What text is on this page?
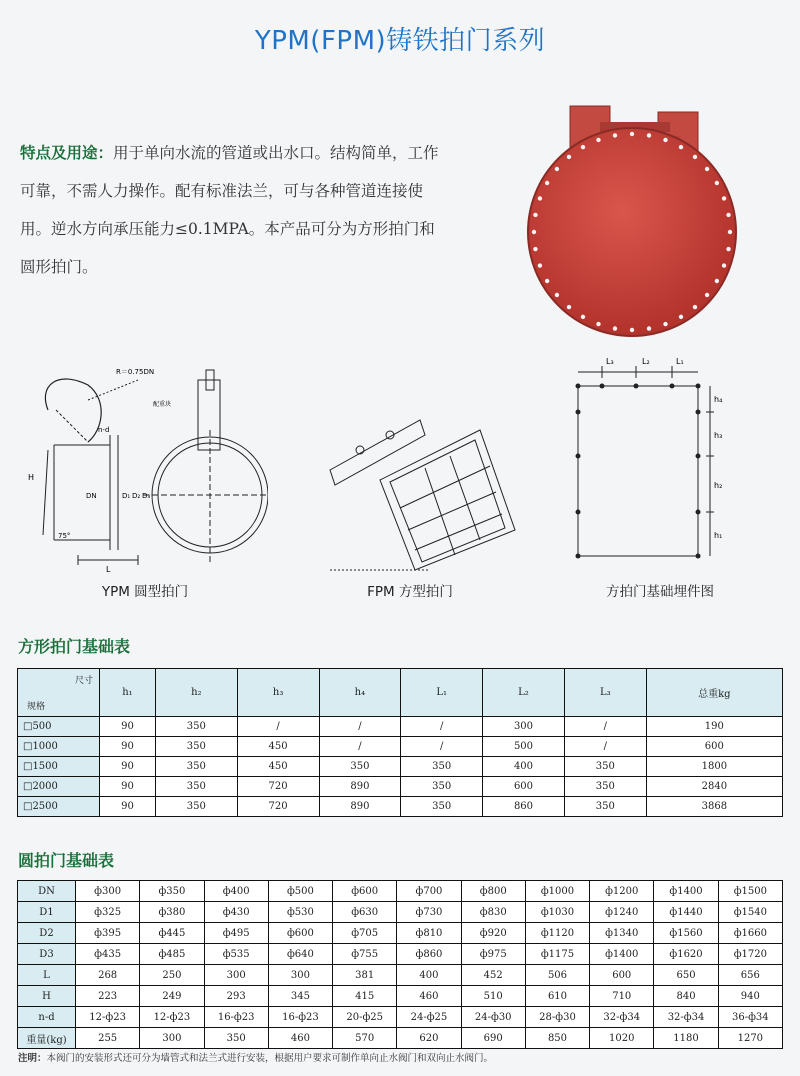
YPM(FPM)铸铁拍门系列
特点及用途：用于单向水流的管道或出水口。结构简单，工作可靠，不需人力操作。配有标准法兰，可与各种管道连接使用。逆水方向承压能力≤0.1MPA。本产品可分为方形拍门和圆形拍门。
R＝0.75DN
配重块
n-d
H
DN	D₁ D₂ D₃
L
75°
YPM 圆型拍门	FPM 方型拍门
L₃	L₂	L₁
h₄
h₃
h₂
h₁
方拍门基础埋件图
方形拍门基础表
尺寸
规格	h₁	h₂	h₃	h₄	L₁	L₂	L₃	总重kg
□500	90	350	/	/	/	300	/	190
□1000	90	350	450	/	/	500	/	600
□1500	90	350	450	350	350	400	350	1800
□2000	90	350	720	890	350	600	350	2840
□2500	90	350	720	890	350	860	350	3868
圆拍门基础表
DN	ф300	ф350	ф400	ф500	ф600	ф700	ф800	ф1000	ф1200	ф1400	ф1500
D1	ф325	ф380	ф430	ф530	ф630	ф730	ф830	ф1030	ф1240	ф1440	ф1540
D2	ф395	ф445	ф495	ф600	ф705	ф810	ф920	ф1120	ф1340	ф1560	ф1660
D3	ф435	ф485	ф535	ф640	ф755	ф860	ф975	ф1175	ф1400	ф1620	ф1720
L	268	250	300	300	381	400	452	506	600	650	656
H	223	249	293	345	415	460	510	610	710	840	940
n-d	12-ф23	12-ф23	16-ф23	16-ф23	20-ф25	24-ф25	24-ф30	28-ф30	32-ф34	32-ф34	36-ф34
重量(kg)	255	300	350	460	570	620	690	850	1020	1180	1270
注明：本阀门的安装形式还可分为墙管式和法兰式进行安装，根据用户要求可制作单向止水阀门和双向止水阀门。
